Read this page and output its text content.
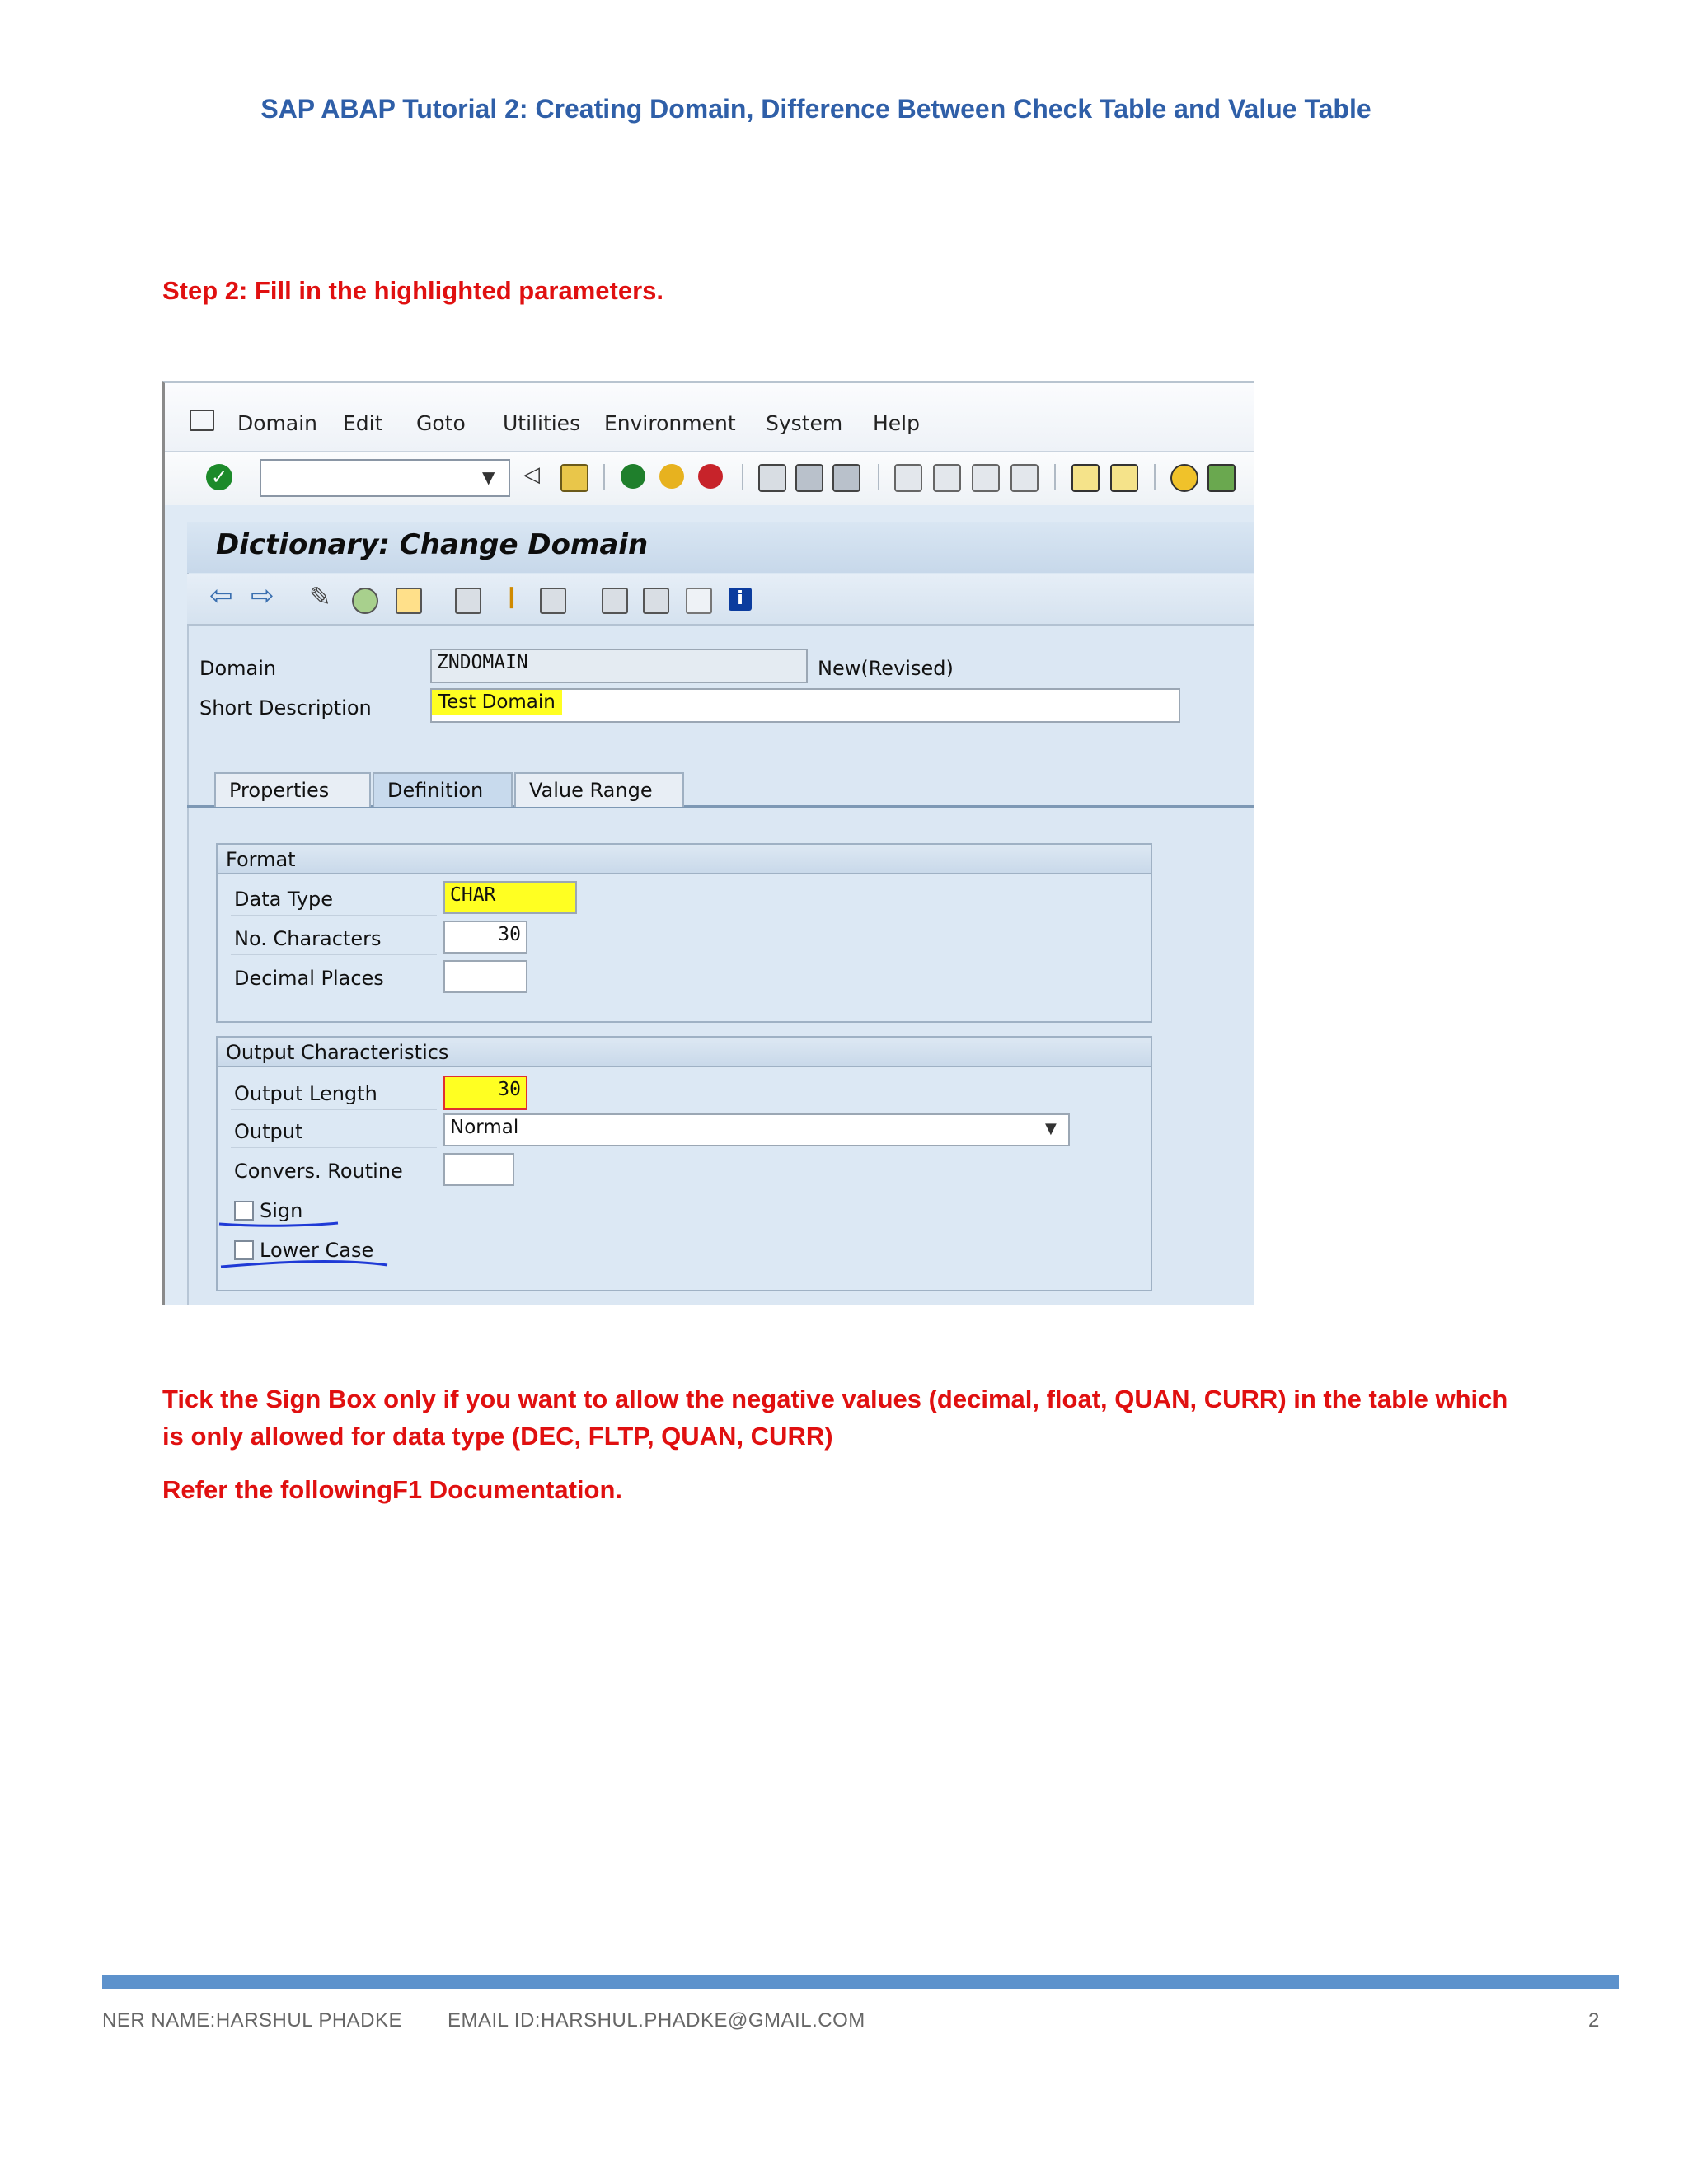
SAP ABAP Tutorial 2: Creating Domain, Difference Between Check Table and Value Table
Step 2: Fill in the highlighted parameters.
Domain Edit Goto Utilities Environment System Help
✓	▼ ◁
Dictionary: Change Domain
⇦ ⇨ ✎	❙	i
Domain	ZNDOMAIN	New(Revised)
Short Description	Test Domain
Properties	Definition	Value Range
Format
Data Type	CHAR
No. Characters	30
Decimal Places
Output Characteristics
Output Length	30
Output	Normal	▼
Convers. Routine
Sign
Lower Case
Tick the Sign Box only if you want to allow the negative values (decimal, float, QUAN, CURR) in the table which is only allowed for data type (DEC, FLTP, QUAN, CURR)
Refer the followingF1 Documentation.
NER NAME:HARSHUL PHADKE EMAIL ID:HARSHUL.PHADKE@GMAIL.COM	2
